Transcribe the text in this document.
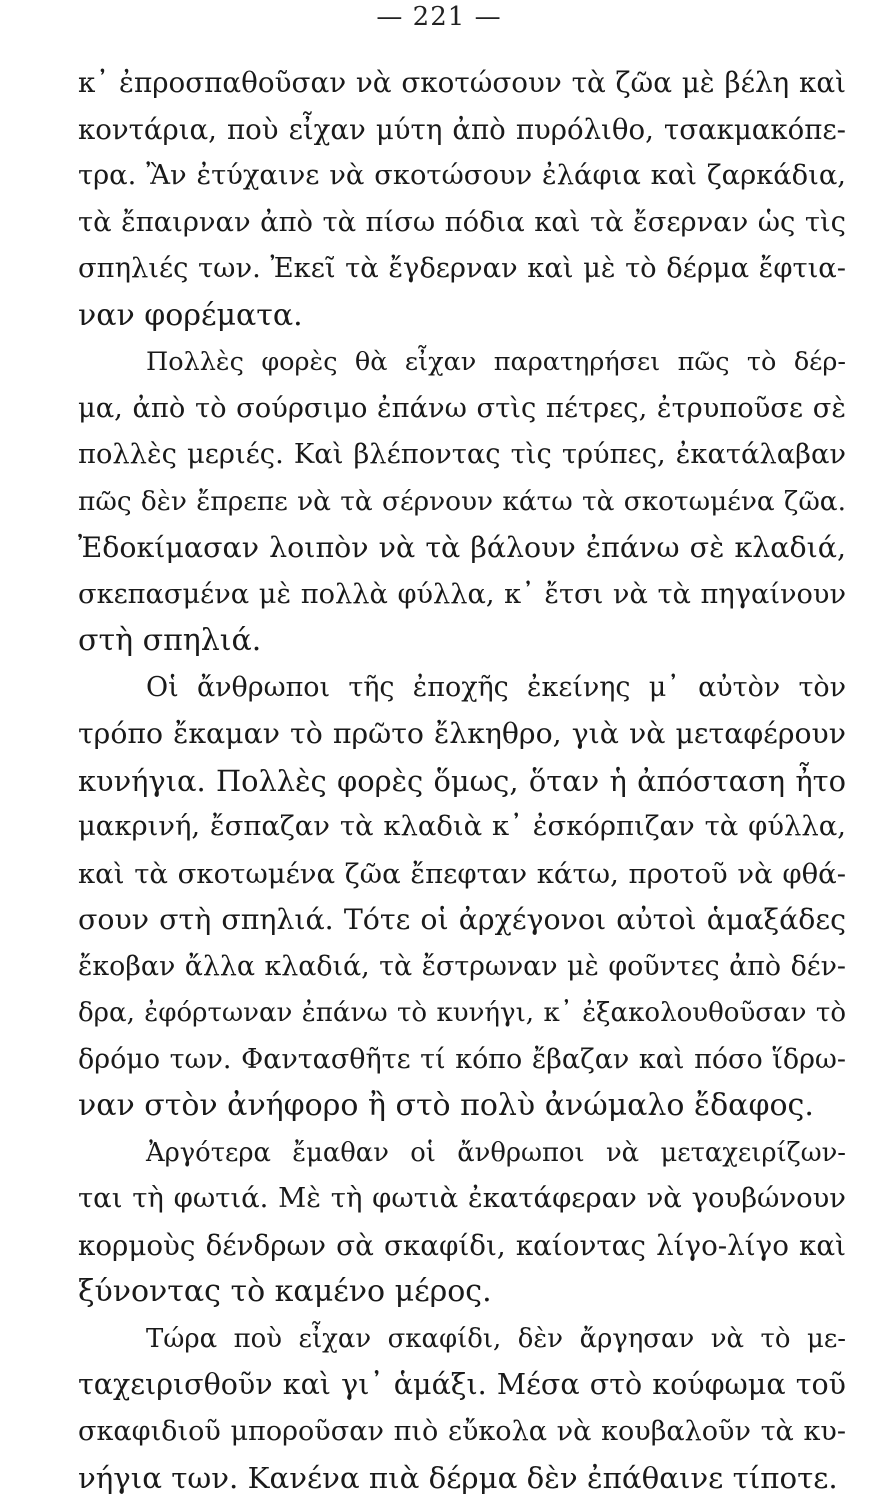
— 221 —
κ᾽ ἐπροσπαθοῦσαν νὰ σκοτώσουν τὰ ζῶα μὲ βέλη καὶ
κοντάρια, ποὺ εἶχαν μύτη ἀπὸ πυρόλιθο, τσακμακόπε-
τρα. Ἂν ἐτύχαινε νὰ σκοτώσουν ἐλάφια καὶ ζαρκάδια,
τὰ ἔπαιρναν ἀπὸ τὰ πίσω πόδια καὶ τὰ ἔσερναν ὡς τὶς
σπηλιές των. Ἐκεῖ τὰ ἔγδερναν καὶ μὲ τὸ δέρμα ἔφτια-
ναν φορέματα.
Πολλὲς φορὲς θὰ εἶχαν παρατηρήσει πῶς τὸ δέρ-
μα, ἀπὸ τὸ σούρσιμο ἐπάνω στὶς πέτρες, ἐτρυποῦσε σὲ
πολλὲς μεριές. Καὶ βλέποντας τὶς τρύπες, ἐκατάλαβαν
πῶς δὲν ἔπρεπε νὰ τὰ σέρνουν κάτω τὰ σκοτωμένα ζῶα.
Ἐδοκίμασαν λοιπὸν νὰ τὰ βάλουν ἐπάνω σὲ κλαδιά,
σκεπασμένα μὲ πολλὰ φύλλα, κ᾽ ἔτσι νὰ τὰ πηγαίνουν
στὴ σπηλιά.
Οἱ ἄνθρωποι τῆς ἐποχῆς ἐκείνης μ᾽ αὐτὸν τὸν
τρόπο ἔκαμαν τὸ πρῶτο ἔλκηθρο, γιὰ νὰ μεταφέρουν
κυνήγια. Πολλὲς φορὲς ὅμως, ὅταν ἡ ἀπόσταση ἦτο
μακρινή, ἔσπαζαν τὰ κλαδιὰ κ᾽ ἐσκόρπιζαν τὰ φύλλα,
καὶ τὰ σκοτωμένα ζῶα ἔπεφταν κάτω, προτοῦ νὰ φθά-
σουν στὴ σπηλιά. Τότε οἱ ἀρχέγονοι αὐτοὶ ἁμαξάδες
ἔκοβαν ἄλλα κλαδιά, τὰ ἔστρωναν μὲ φοῦντες ἀπὸ δέν-
δρα, ἐφόρτωναν ἐπάνω τὸ κυνήγι, κ᾽ ἐξακολουθοῦσαν τὸ
δρόμο των. Φαντασθῆτε τί κόπο ἔβαζαν καὶ πόσο ἵδρω-
ναν στὸν ἀνήφορο ἢ στὸ πολὺ ἀνώμαλο ἔδαφος.
Ἀργότερα ἔμαθαν οἱ ἄνθρωποι νὰ μεταχειρίζων-
ται τὴ φωτιά. Μὲ τὴ φωτιὰ ἐκατάφεραν νὰ γουβώνουν
κορμοὺς δένδρων σὰ σκαφίδι, καίοντας λίγο-λίγο καὶ
ξύνοντας τὸ καμένο μέρος.
Τώρα ποὺ εἶχαν σκαφίδι, δὲν ἄργησαν νὰ τὸ με-
ταχειρισθοῦν καὶ γι᾽ ἁμάξι. Μέσα στὸ κούφωμα τοῦ
σκαφιδιοῦ μποροῦσαν πιὸ εὔκολα νὰ κουβαλοῦν τὰ κυ-
νήγια των. Κανένα πιὰ δέρμα δὲν ἐπάθαινε τίποτε.
